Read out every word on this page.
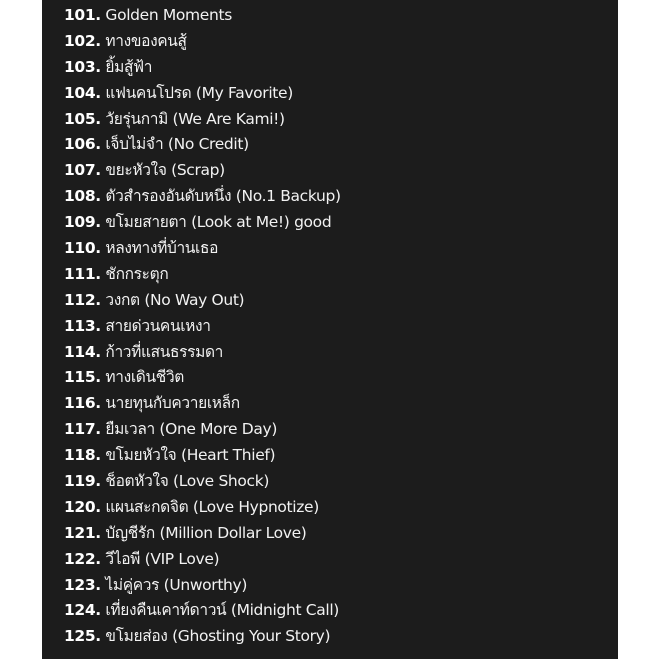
101. Golden Moments
102. ทางของคนสู้
103. ยิ้มสู้ฟ้า
104. แฟนคนโปรด (My Favorite)
105. วัยรุ่นกามิ (We Are Kami!)
106. เจ็บไม่จำ (No Credit)
107. ขยะหัวใจ (Scrap)
108. ตัวสำรองอันดับหนึ่ง (No.1 Backup)
109. ขโมยสายตา (Look at Me!) good
110. หลงทางที่บ้านเธอ
111. ชักกระตุก
112. วงกต (No Way Out)
113. สายด่วนคนเหงา
114. ก้าวที่แสนธรรมดา
115. ทางเดินชีวิต
116. นายทุนกับควายเหล็ก
117. ยืมเวลา (One More Day)
118. ขโมยหัวใจ (Heart Thief)
119. ช็อตหัวใจ (Love Shock)
120. แผนสะกดจิต (Love Hypnotize)
121. บัญชีรัก (Million Dollar Love)
122. วีไอพี (VIP Love)
123. ไม่คู่ควร (Unworthy)
124. เที่ยงคืนเคาท์ดาวน์ (Midnight Call)
125. ขโมยส่อง (Ghosting Your Story)
